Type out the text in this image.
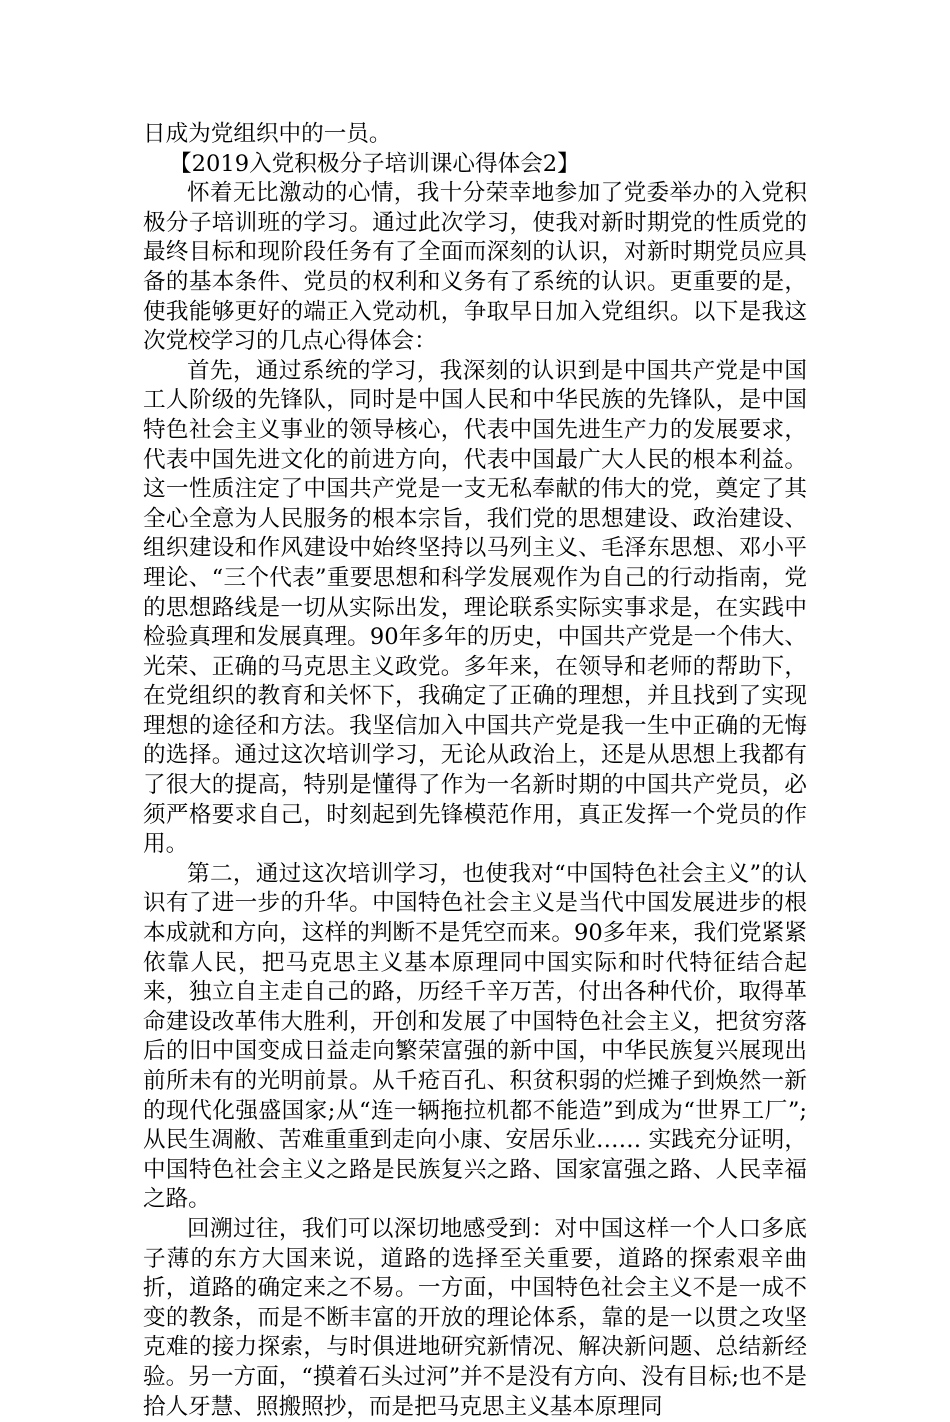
日成为党组织中的一员。

【2019入党积极分子培训课心得体会2】

怀着无比激动的心情，我十分荣幸地参加了党委举办的入党积极分子培训班的学习。通过此次学习，使我对新时期党的性质党的最终目标和现阶段任务有了全面而深刻的认识，对新时期党员应具备的基本条件、党员的权利和义务有了系统的认识。更重要的是，使我能够更好的端正入党动机，争取早日加入党组织。以下是我这次党校学习的几点心得体会：

首先，通过系统的学习，我深刻的认识到是中国共产党是中国工人阶级的先锋队，同时是中国人民和中华民族的先锋队，是中国特色社会主义事业的领导核心，代表中国先进生产力的发展要求，代表中国先进文化的前进方向，代表中国最广大人民的根本利益。这一性质注定了中国共产党是一支无私奉献的伟大的党，奠定了其全心全意为人民服务的根本宗旨，我们党的思想建设、政治建设、组织建设和作风建设中始终坚持以马列主义、毛泽东思想、邓小平理论、“三个代表”重要思想和科学发展观作为自己的行动指南，党的思想路线是一切从实际出发，理论联系实际实事求是，在实践中检验真理和发展真理。90年多年的历史，中国共产党是一个伟大、光荣、正确的马克思主义政党。多年来，在领导和老师的帮助下，在党组织的教育和关怀下，我确定了正确的理想，并且找到了实现理想的途径和方法。我坚信加入中国共产党是我一生中正确的无悔的选择。通过这次培训学习，无论从政治上，还是从思想上我都有了很大的提高，特别是懂得了作为一名新时期的中国共产党员，必须严格要求自己，时刻起到先锋模范作用，真正发挥一个党员的作用。

第二，通过这次培训学习，也使我对“中国特色社会主义”的认识有了进一步的升华。中国特色社会主义是当代中国发展进步的根本成就和方向，这样的判断不是凭空而来。90多年来，我们党紧紧依靠人民，把马克思主义基本原理同中国实际和时代特征结合起来，独立自主走自己的路，历经千辛万苦，付出各种代价，取得革命建设改革伟大胜利，开创和发展了中国特色社会主义，把贫穷落后的旧中国变成日益走向繁荣富强的新中国，中华民族复兴展现出前所未有的光明前景。从千疮百孔、积贫积弱的烂摊子到焕然一新的现代化强盛国家;从“连一辆拖拉机都不能造”到成为“世界工厂”;从民生凋敝、苦难重重到走向小康、安居乐业…… 实践充分证明，中国特色社会主义之路是民族复兴之路、国家富强之路、人民幸福之路。

回溯过往，我们可以深切地感受到：对中国这样一个人口多底子薄的东方大国来说，道路的选择至关重要，道路的探索艰辛曲折，道路的确定来之不易。一方面，中国特色社会主义不是一成不变的教条，而是不断丰富的开放的理论体系，靠的是一以贯之攻坚克难的接力探索，与时俱进地研究新情况、解决新问题、总结新经验。另一方面，“摸着石头过河”并不是没有方向、没有目标;也不是拾人牙慧、照搬照抄，而是把马克思主义基本原理同
